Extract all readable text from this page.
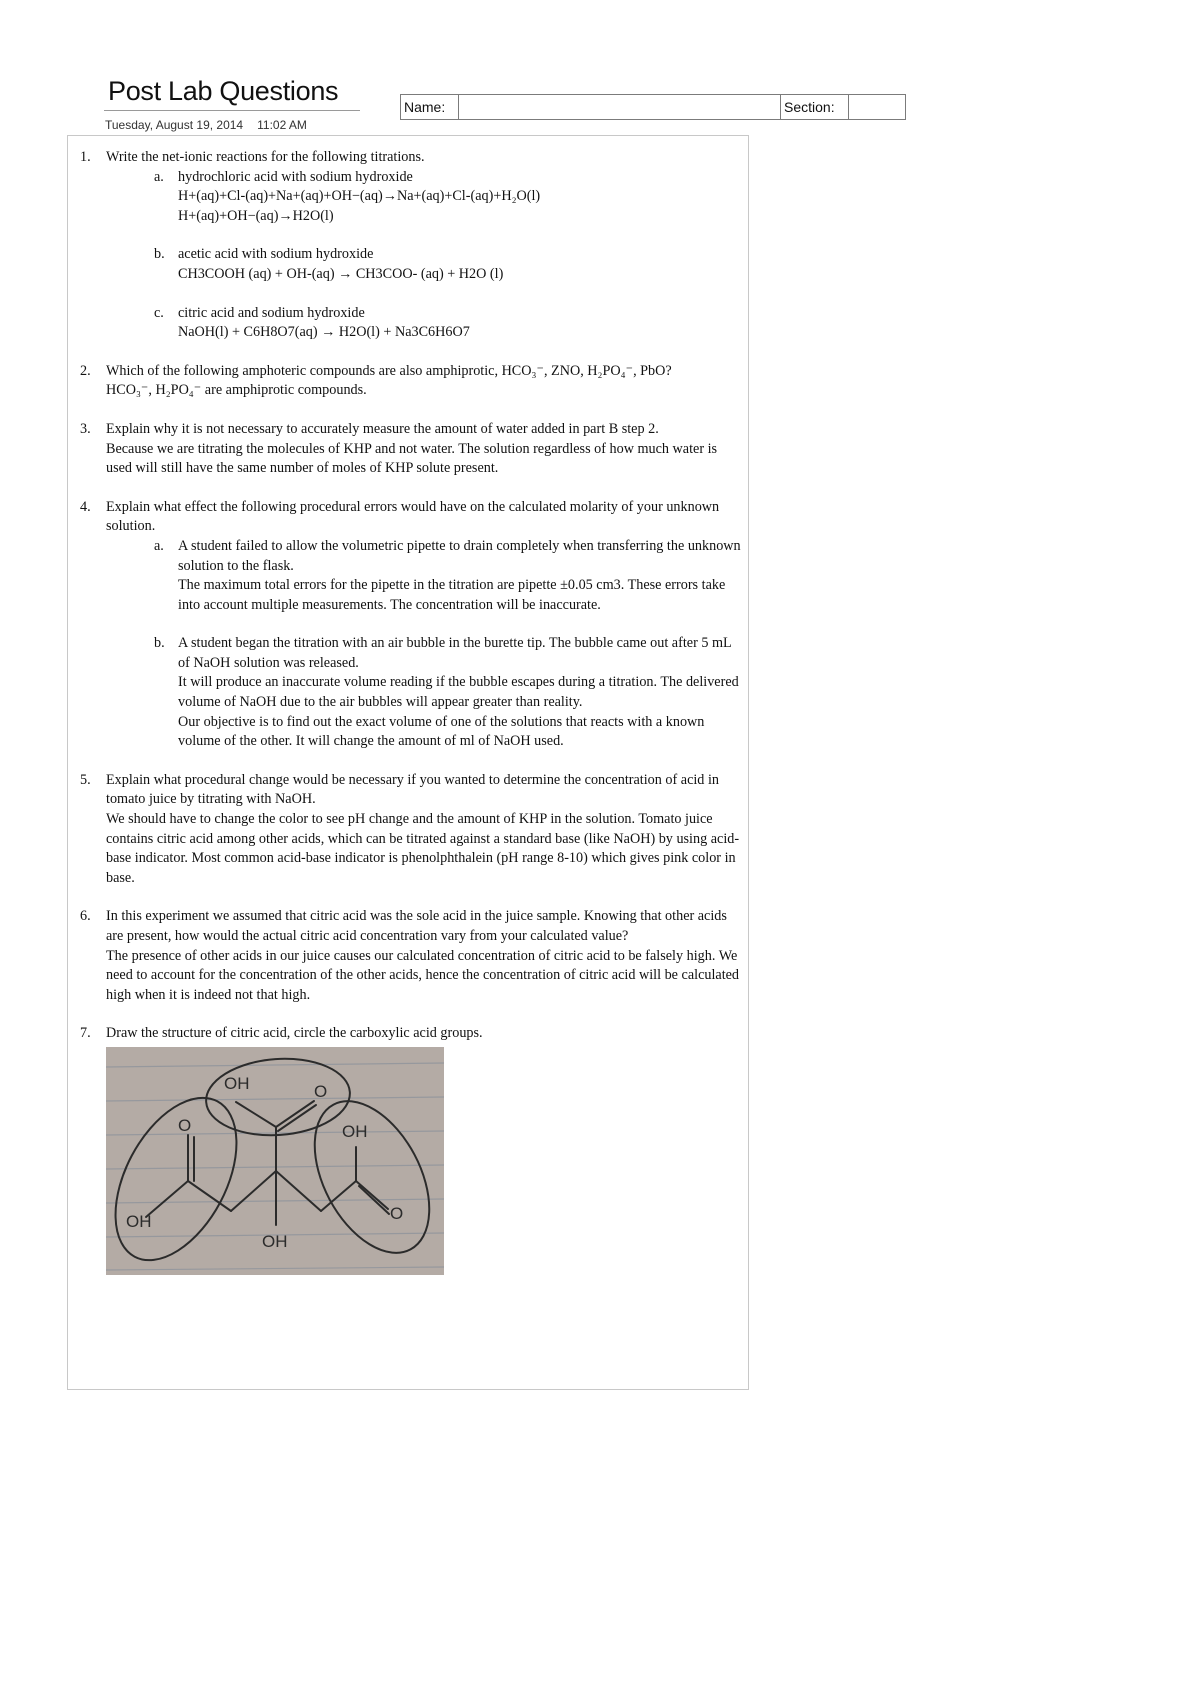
Post Lab Questions
Tuesday, August 19, 2014 11:02 AM
Name:	Section:
1. Write the net-ionic reactions for the following titrations.
a. hydrochloric acid with sodium hydroxide
H+(aq)+Cl-(aq)+Na+(aq)+OH−(aq)→Na+(aq)+Cl-(aq)+H₂O(l)
H+(aq)+OH−(aq)→H2O(l)
b. acetic acid with sodium hydroxide
CH3COOH (aq) + OH-(aq) → CH3COO- (aq) + H2O (l)
c. citric acid and sodium hydroxide
NaOH(l) + C6H8O7(aq) → H2O(l) + Na3C6H6O7
2. Which of the following amphoteric compounds are also amphiprotic, HCO₃⁻, ZNO, H₂PO₄⁻, PbO?
HCO₃⁻, H₂PO₄⁻ are amphiprotic compounds.
3. Explain why it is not necessary to accurately measure the amount of water added in part B step 2.
Because we are titrating the molecules of KHP and not water. The solution regardless of how much water is used will still have the same number of moles of KHP solute present.
4. Explain what effect the following procedural errors would have on the calculated molarity of your unknown solution.
a. A student failed to allow the volumetric pipette to drain completely when transferring the unknown solution to the flask.
The maximum total errors for the pipette in the titration are pipette ±0.05 cm3. These errors take into account multiple measurements. The concentration will be inaccurate.
b. A student began the titration with an air bubble in the burette tip. The bubble came out after 5 mL of NaOH solution was released.
It will produce an inaccurate volume reading if the bubble escapes during a titration. The delivered volume of NaOH due to the air bubbles will appear greater than reality.
Our objective is to find out the exact volume of one of the solutions that reacts with a known volume of the other. It will change the amount of ml of NaOH used.
5. Explain what procedural change would be necessary if you wanted to determine the concentration of acid in tomato juice by titrating with NaOH.
We should have to change the color to see pH change and the amount of KHP in the solution. Tomato juice contains citric acid among other acids, which can be titrated against a standard base (like NaOH) by using acid-base indicator. Most common acid-base indicator is phenolphthalein (pH range 8-10) which gives pink color in base.
6. In this experiment we assumed that citric acid was the sole acid in the juice sample. Knowing that other acids are present, how would the actual citric acid concentration vary from your calculated value?
The presence of other acids in our juice causes our calculated concentration of citric acid to be falsely high. We need to account for the concentration of the other acids, hence the concentration of citric acid will be calculated high when it is indeed not that high.
7. Draw the structure of citric acid, circle the carboxylic acid groups.
OH	O
O
OH
OH
O
OH
